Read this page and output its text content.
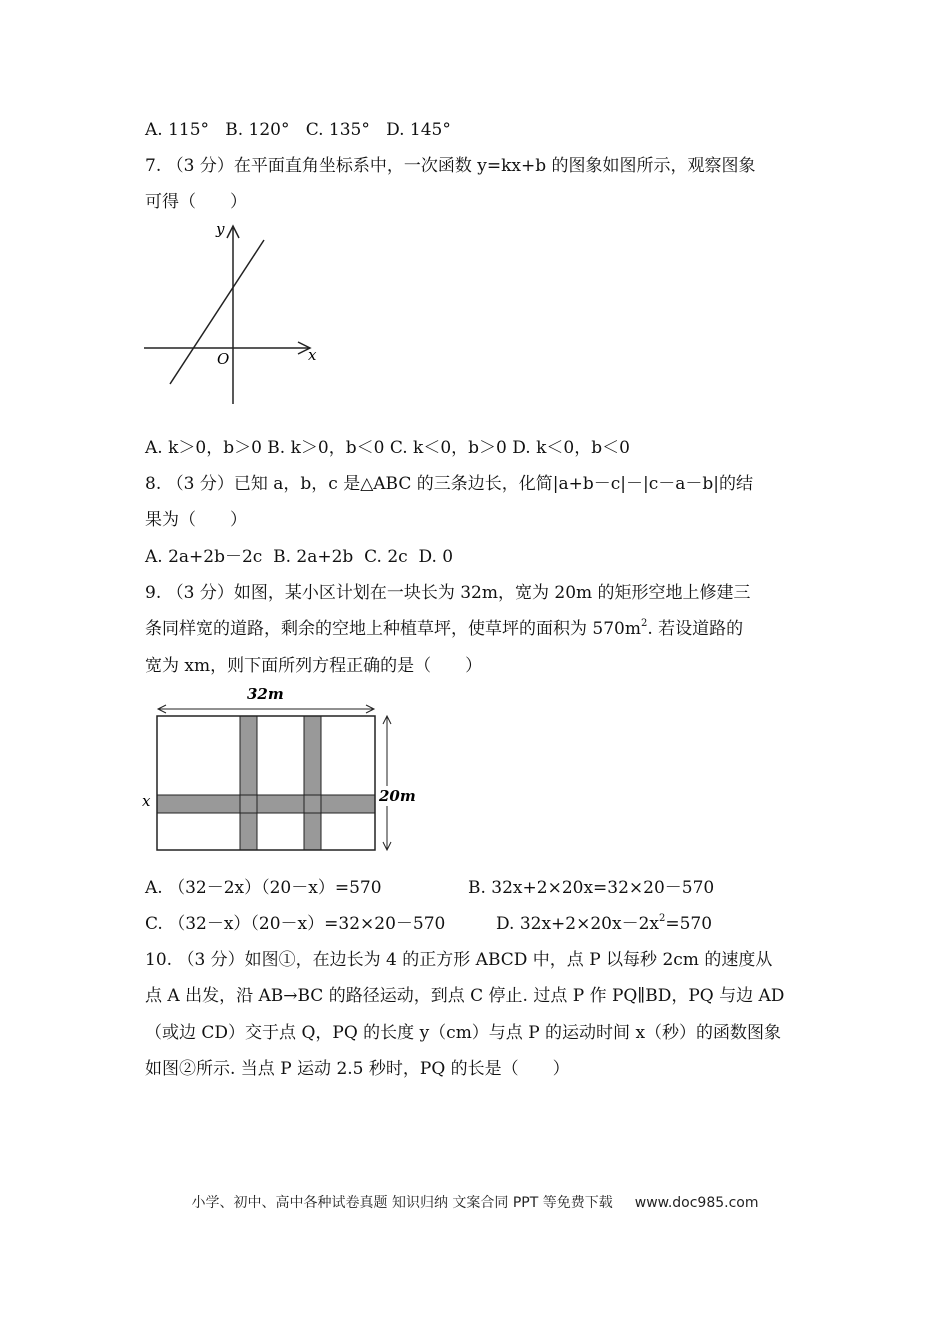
A. 115°   B. 120°   C. 135°   D. 145°
7. （3 分）在平面直角坐标系中，一次函数 y=kx+b 的图象如图所示，观察图象
可得（　　）
y
x
O
A. k＞0，b＞0 B. k＞0，b＜0 C. k＜0，b＞0 D. k＜0，b＜0
8. （3 分）已知 a，b，c 是△ABC 的三条边长，化简|a+b－c|－|c－a－b|的结
果为（　　）
A. 2a+2b－2c  B. 2a+2b  C. 2c  D. 0
9. （3 分）如图，某小区计划在一块长为 32m，宽为 20m 的矩形空地上修建三
条同样宽的道路，剩余的空地上种植草坪，使草坪的面积为 $570m^2$. 若设道路的
宽为 xm，则下面所列方程正确的是（　　）
32m
20m
x
A. （32－2x）（20－x）=570	B. 32x+2×20x=32×20－570
C. （32－x）（20－x）=32×20－570	D. $32x+2\times 20x-2x^2=570$
10. （3 分）如图①，在边长为 4 的正方形 ABCD 中，点 P 以每秒 2cm 的速度从
点 A 出发，沿 AB→BC 的路径运动，到点 C 停止. 过点 P 作 PQ∥BD，PQ 与边 AD
（或边 CD）交于点 Q，PQ 的长度 y（cm）与点 P 的运动时间 x（秒）的函数图象
如图②所示. 当点 P 运动 2.5 秒时，PQ 的长是（　　）
小学、初中、高中各种试卷真题 知识归纳 文案合同 PPT 等免费下载 www.doc985.com
